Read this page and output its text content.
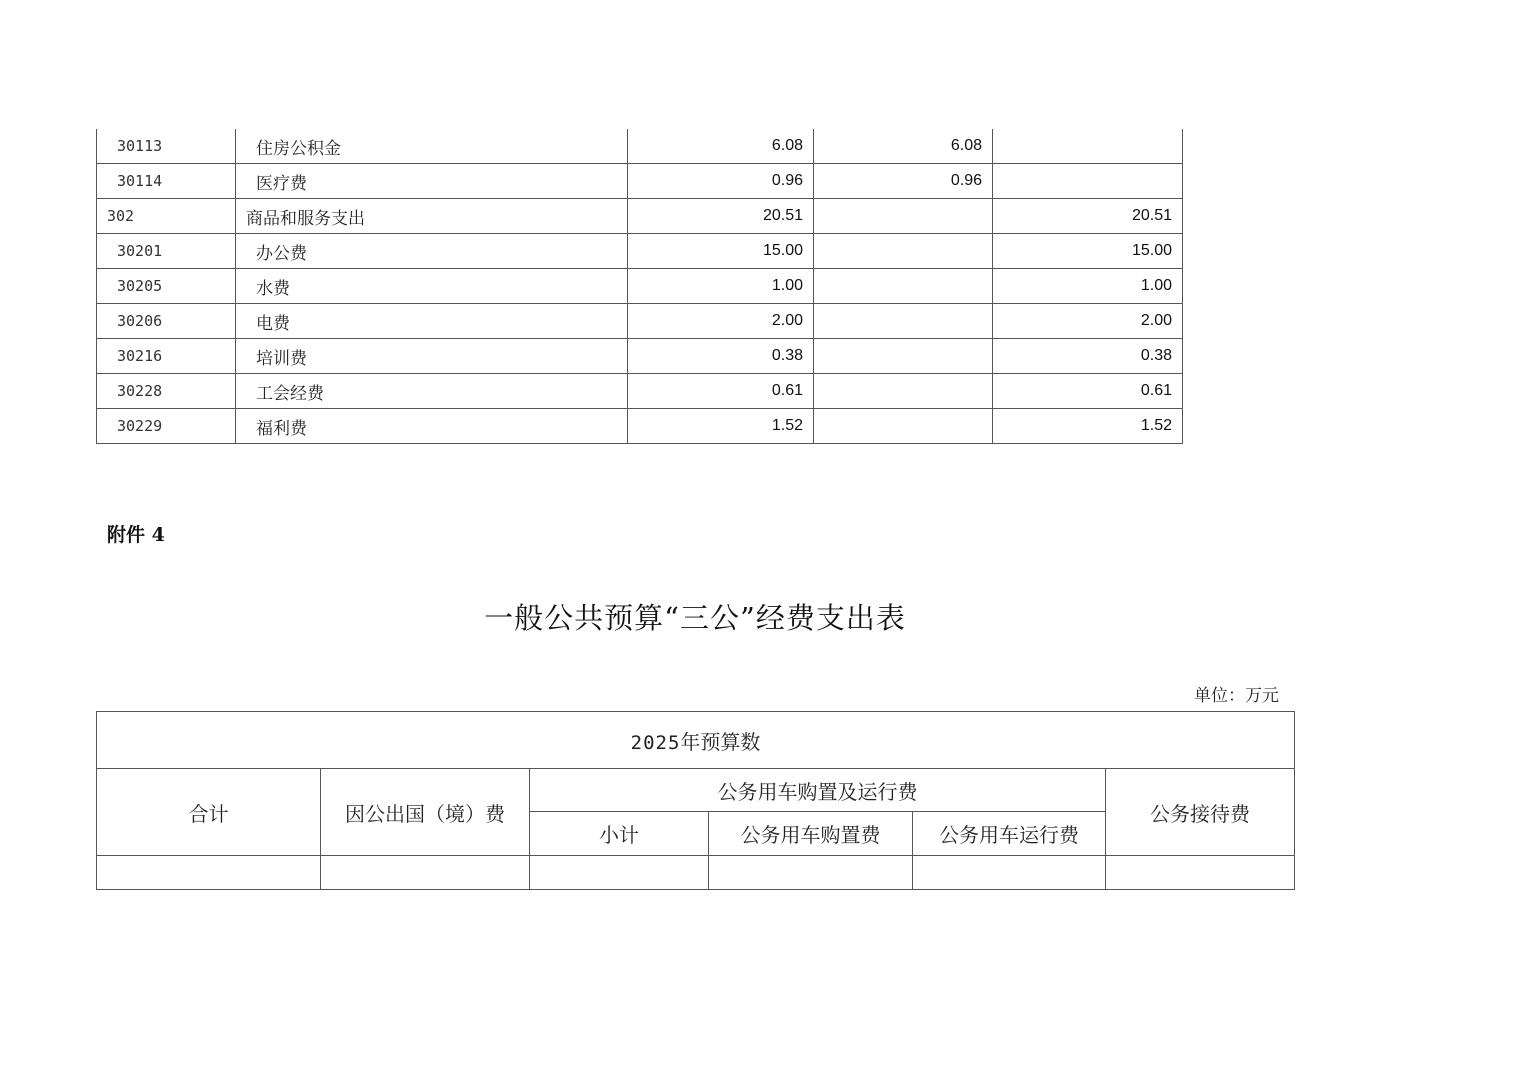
30113	住房公积金	6.08	6.08	
30114	医疗费	0.96	0.96	
302	商品和服务支出	20.51		20.51
30201	办公费	15.00		15.00
30205	水费	1.00		1.00
30206	电费	2.00		2.00
30216	培训费	0.38		0.38
30228	工会经费	0.61		0.61
30229	福利费	1.52		1.52
附件 4
一般公共预算“三公”经费支出表
单位：万元
2025年预算数					
合计	因公出国（境）费	公务用车购置及运行费			公务接待费
		小计	公务用车购置费	公务用车运行费	
